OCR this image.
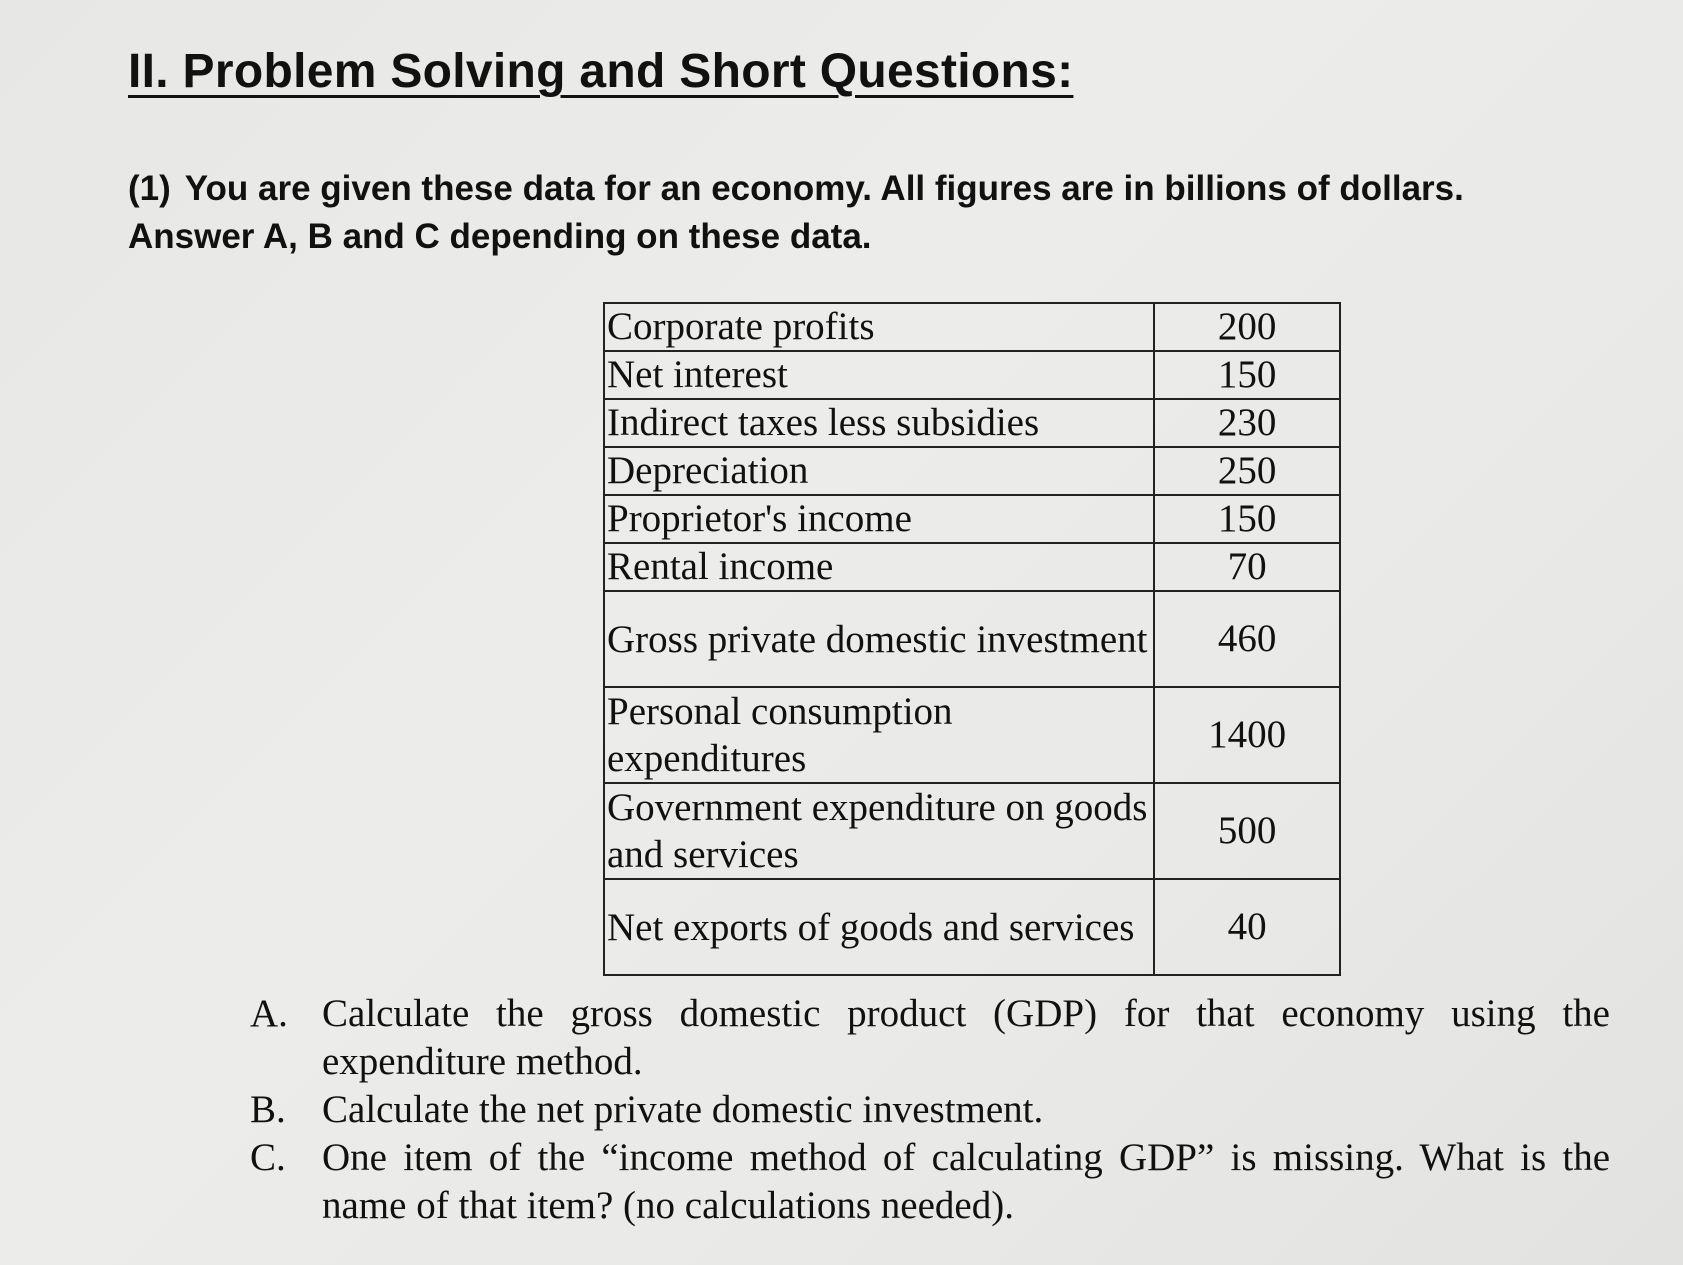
II. Problem Solving and Short Questions:

(1) You are given these data for an economy. All figures are in billions of dollars. Answer A, B and C depending on these data.

Corporate profits	200
Net interest	150
Indirect taxes less subsidies	230
Depreciation	250
Proprietor's income	150
Rental income	70
Gross private domestic investment	460
Personal consumption expenditures	1400
Government expenditure on goods and services	500
Net exports of goods and services	40
A. Calculate the gross domestic product (GDP) for that economy using the expenditure method.
B. Calculate the net private domestic investment.
C. One item of the “income method of calculating GDP” is missing. What is the name of that item? (no calculations needed).
